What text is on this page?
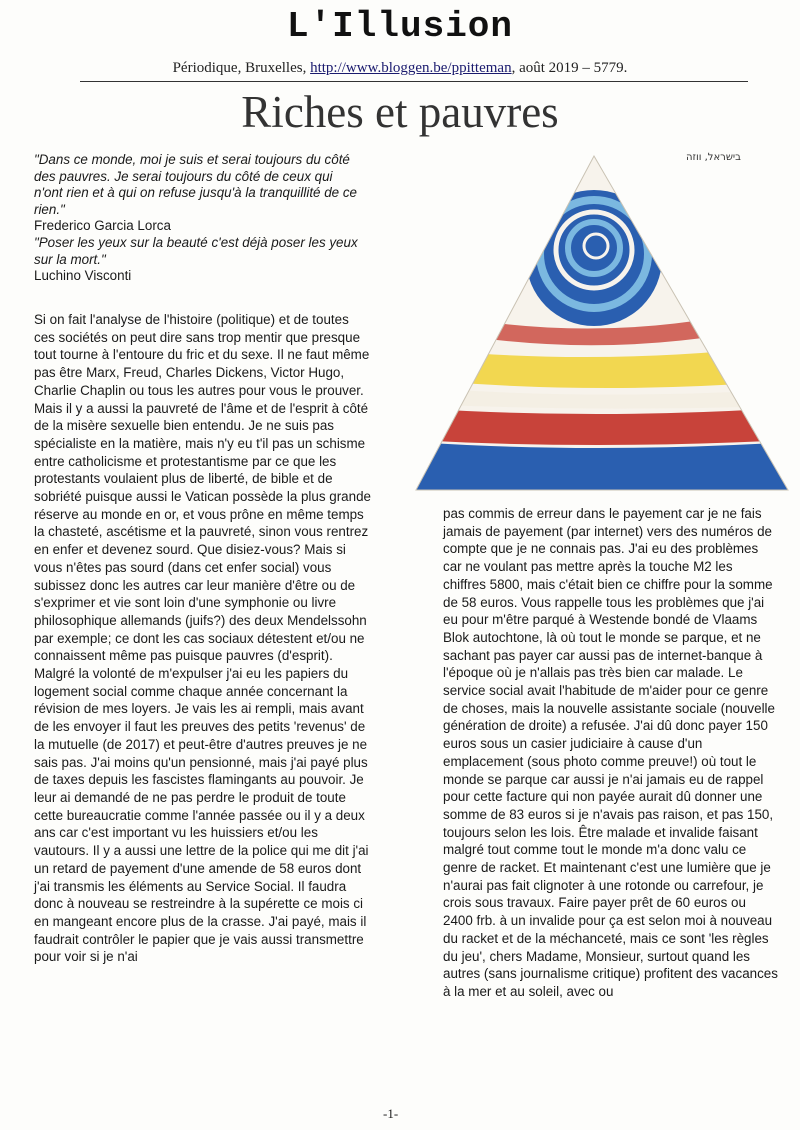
L'Illusion
Périodique, Bruxelles, http://www.bloggen.be/ppitteman, août 2019 – 5779.
Riches et pauvres
"Dans ce monde, moi je suis et serai toujours du côté des pauvres. Je serai toujours du côté de ceux qui n'ont rien et à qui on refuse jusqu'à la tranquillité de ce rien."
Frederico Garcia Lorca
"Poser les yeux sur la beauté c'est déjà poser les yeux sur la mort."
Luchino Visconti
בישראל, ווזה

Si on fait l'analyse de l'histoire (politique) et de toutes ces sociétés on peut dire sans trop mentir que presque tout tourne à l'entoure du fric et du sexe. Il ne faut même pas être Marx, Freud, Charles Dickens, Victor Hugo, Charlie Chaplin ou tous les autres pour vous le prouver. Mais il y a aussi la pauvreté de l'âme et de l'esprit à côté de la misère sexuelle bien entendu. Je ne suis pas spécialiste en la matière, mais n'y eu t'il pas un schisme entre catholicisme et protestantisme par ce que les protestants voulaient plus de liberté, de bible et de sobriété puisque aussi le Vatican possède la plus grande réserve au monde en or, et vous prône en même temps la chasteté, ascétisme et la pauvreté, sinon vous rentrez en enfer et devenez sourd. Que disiez-vous? Mais si vous n'êtes pas sourd (dans cet enfer social) vous subissez donc les autres car leur manière d'être ou de s'exprimer et vie sont loin d'une symphonie ou livre philosophique allemands (juifs?) des deux Mendelssohn par exemple; ce dont les cas sociaux détestent et/ou ne connaissent même pas puisque pauvres (d'esprit). Malgré la volonté de m'expulser j'ai eu les papiers du logement social comme chaque année concernant la révision de mes loyers. Je vais les ai rempli, mais avant de les envoyer il faut les preuves des petits 'revenus' de la mutuelle (de 2017) et peut-être d'autres preuves je ne sais pas. J'ai moins qu'un pensionné, mais j'ai payé plus de taxes depuis les fascistes flamingants au pouvoir. Je leur ai demandé de ne pas perdre le produit de toute cette bureaucratie comme l'année passée ou il y a deux ans car c'est important vu les huissiers et/ou les vautours. Il y a aussi une lettre de la police qui me dit j'ai un retard de payement d'une amende de 58 euros dont j'ai transmis les éléments au Service Social. Il faudra donc à nouveau se restreindre à la supérette ce mois ci en mangeant encore plus de la crasse. J'ai payé, mais il faudrait contrôler le papier que je vais aussi transmettre pour voir si je n'ai

pas commis de erreur dans le payement car je ne fais jamais de payement (par internet) vers des numéros de compte que je ne connais pas. J'ai eu des problèmes car ne voulant pas mettre après la touche M2 les chiffres 5800, mais c'était bien ce chiffre pour la somme de 58 euros. Vous rappelle tous les problèmes que j'ai eu pour m'être parqué à Westende bondé de Vlaams Blok autochtone, là où tout le monde se parque, et ne sachant pas payer car aussi pas de internet-banque à l'époque où je n'allais pas très bien car malade. Le service social avait l'habitude de m'aider pour ce genre de choses, mais la nouvelle assistante sociale (nouvelle génération de droite) a refusée. J'ai dû donc payer 150 euros sous un casier judiciaire à cause d'un emplacement (sous photo comme preuve!) où tout le monde se parque car aussi je n'ai jamais eu de rappel pour cette facture qui non payée aurait dû donner une somme de 83 euros si je n'avais pas raison, et pas 150, toujours selon les lois. Être malade et invalide faisant malgré tout comme tout le monde m'a donc valu ce genre de racket. Et maintenant c'est une lumière que je n'aurai pas fait clignoter à une rotonde ou carrefour, je crois sous travaux. Faire payer prêt de 60 euros ou 2400 frb. à un invalide pour ça est selon moi à nouveau du racket et de la méchanceté, mais ce sont 'les règles du jeu', chers Madame, Monsieur, surtout quand les autres (sans journalisme critique) profitent des vacances à la mer et au soleil, avec ou

-1-
